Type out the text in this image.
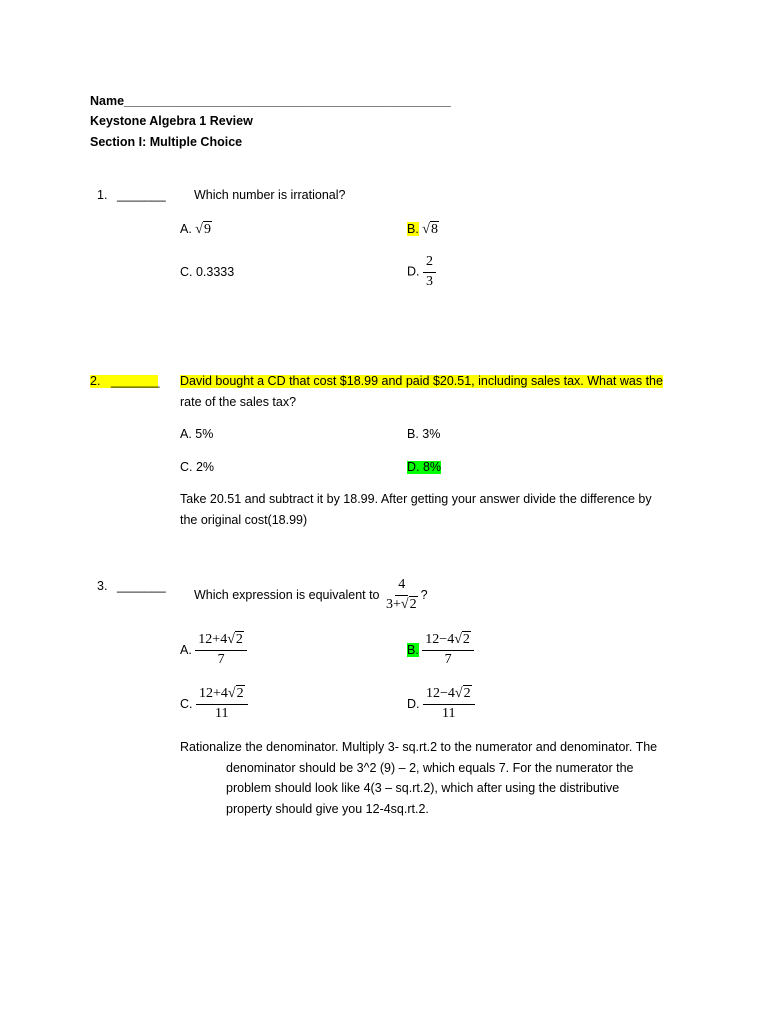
Name_______________________________________________
Keystone Algebra 1 Review
Section I: Multiple Choice
1. _______ Which number is irrational?
A. √9	B. √8
C. 0.3333	D. $\frac{2}{3}$
2. _______ David bought a CD that cost $18.99 and paid $20.51, including sales tax. What was the
rate of the sales tax?
A. 5%	B. 3%
C. 2%	D. 8%
Take 20.51 and subtract it by 18.99. After getting your answer divide the difference by
the original cost(18.99)
3. _______
Which expression is equivalent to $\frac{4}{3+√2}$ ?
A. $\frac{12+4√2}{7}$	B. $\frac{12-4√2}{7}$
C. $\frac{12+4√2}{11}$	D. $\frac{12-4√2}{11}$
Rationalize the denominator. Multiply 3- sq.rt.2 to the numerator and denominator. The
denominator should be 3^2 (9) – 2, which equals 7. For the numerator the
problem should look like 4(3 – sq.rt.2), which after using the distributive
property should give you 12-4sq.rt.2.
